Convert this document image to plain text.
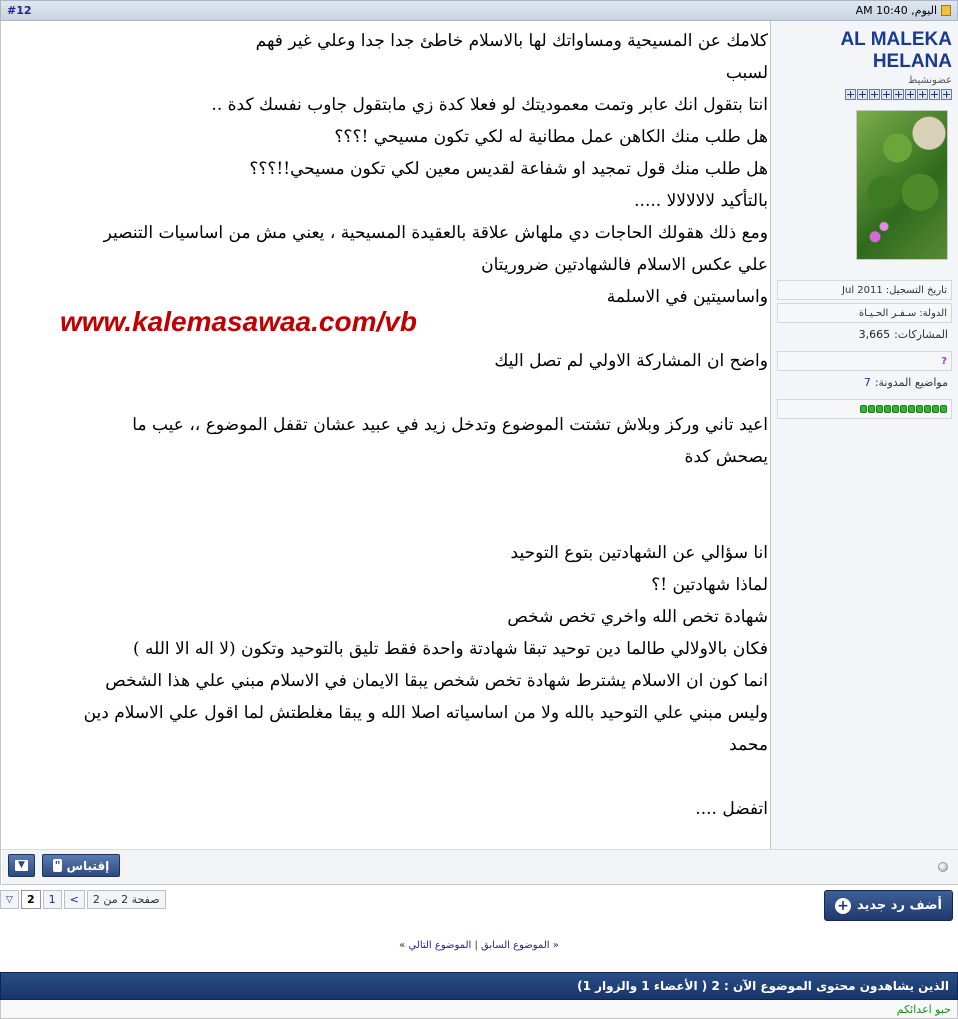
#12	اليوم, 10:40 AM

كلامك عن المسيحية ومساواتك لها بالاسلام خاطئ جدا جدا وعلي غير فهم

لسبب

انتا بتقول انك عابر وتمت معموديتك لو فعلا كدة زي مابتقول جاوب نفسك كدة ..

هل طلب منك الكاهن عمل مطانية له لكي تكون مسيحي !؟؟؟

هل طلب منك قول تمجيد او شفاعة لقديس معين لكي تكون مسيحي!!؟؟؟

بالتأكيد لالالالالا .....

ومع ذلك هقولك الحاجات دي ملهاش علاقة بالعقيدة المسيحية ، يعني مش من اساسيات التنصير

علي عكس الاسلام فالشهادتين ضروريتان

واساسيتين في الاسلمة

واضح ان المشاركة الاولي لم تصل اليك

اعيد تاني وركز وبلاش تشتت الموضوع وتدخل زيد في عبيد عشان تقفل الموضوع ،، عيب ما

يصحش كدة

انا سؤالي عن الشهادتين بتوع التوحيد

لماذا شهادتين !؟

شهادة تخص الله واخري تخص شخص

فكان بالاولالي طالما دين توحيد تبقا شهادتة واحدة فقط تليق بالتوحيد وتكون (لا اله الا الله )

انما كون ان الاسلام يشترط شهادة تخص شخص يبقا الايمان في الاسلام مبني علي هذا الشخص

وليس مبني علي التوحيد بالله ولا من اساسياته اصلا الله و يبقا مغلطتش لما اقول علي الاسلام دين

محمد

اتفضل ....

www.kalemasawaa.com/vb
AL MALEKA
HELANA
عضونشيط
تاريخ التسجيل:
Jul 2011
الدولة:
سـفـر الحـيـاة
المشاركات:
3,665
?
مواضيع المدونة:
7
▼	إقتباس
"
▽	2	1	<	صفحة 2 من 2	أضف رد جديد
+
« الموضوع السابق | الموضوع التالي »
الذين يشاهدون محتوى الموضوع الآن : 2 ( الأعضاء 1 والزوار 1)
حبو اعدائكم
